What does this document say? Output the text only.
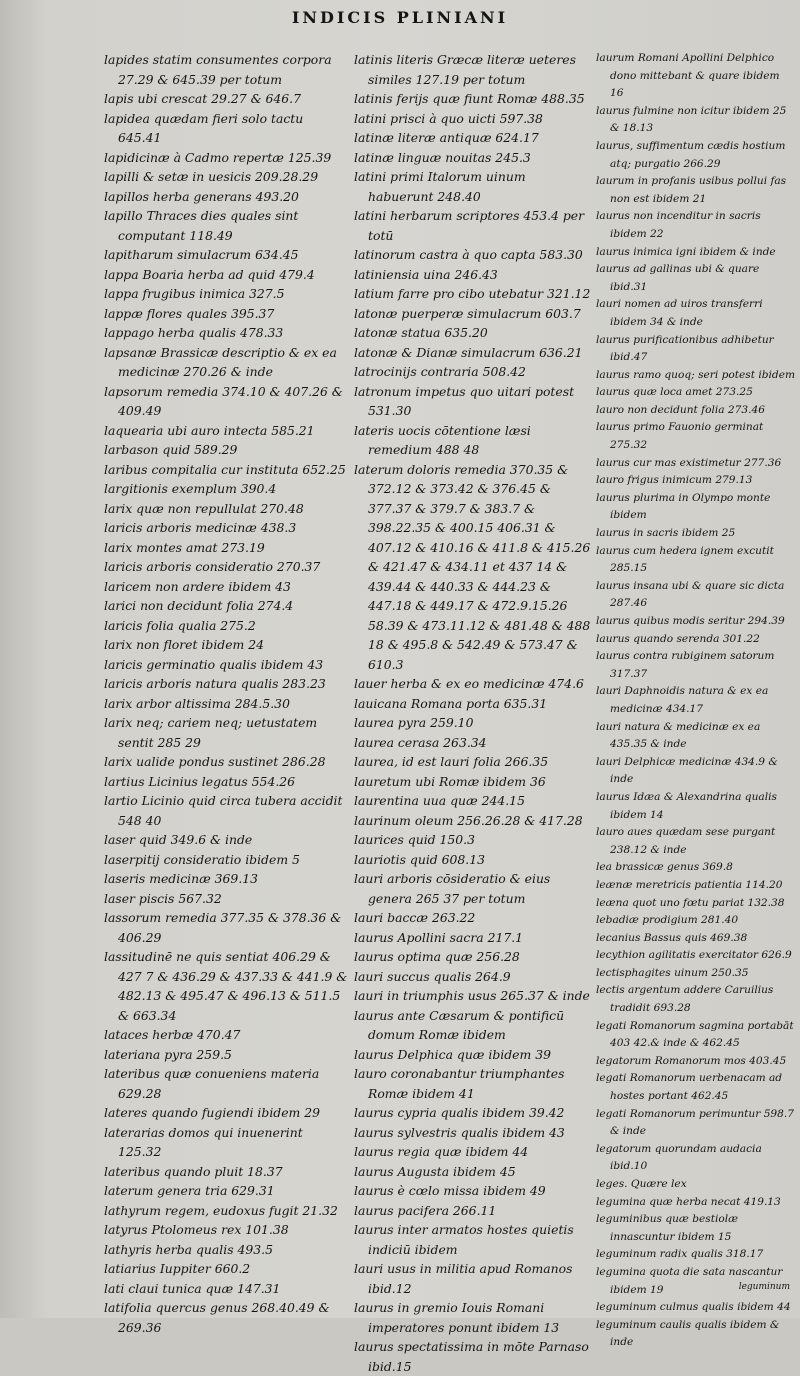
INDICIS PLINIANI

lapides statim consumentes corpora 27.29 & 645.39 per totum

lapis ubi crescat 29.27 & 646.7

lapidea quædam fieri solo tactu 645.41

lapidicinæ à Cadmo repertæ 125.39

lapilli & setæ in uesicis 209.28.29

lapillos herba generans 493.20

lapillo Thraces dies quales sint computant 118.49

lapitharum simulacrum 634.45

lappa Boaria herba ad quid 479.4

lappa frugibus inimica 327.5

lappæ flores quales 395.37

lappago herba qualis 478.33

lapsanæ Brassicæ descriptio & ex ea medicinæ 270.26 & inde

lapsorum remedia 374.10 & 407.26 & 409.49

laquearia ubi auro intecta 585.21

larbason quid 589.29

laribus compitalia cur instituta 652.25

largitionis exemplum 390.4

larix quæ non repullulat 270.48

laricis arboris medicinæ 438.3

larix montes amat 273.19

laricis arboris consideratio 270.37

laricem non ardere ibidem 43

larici non decidunt folia 274.4

laricis folia qualia 275.2

larix non floret ibidem 24

laricis germinatio qualis ibidem 43

laricis arboris natura qualis 283.23

larix arbor altissima 284.5.30

larix neq; cariem neq; uetustatem sentit 285 29

larix ualide pondus sustinet 286.28

lartius Licinius legatus 554.26

lartio Licinio quid circa tubera accidit 548 40

laser quid 349.6 & inde

laserpitij consideratio ibidem 5

laseris medicinæ 369.13

laser piscis 567.32

lassorum remedia 377.35 & 378.36 & 406.29

lassitudinē ne quis sentiat 406.29 & 427 7 & 436.29 & 437.33 & 441.9 & 482.13 & 495.47 & 496.13 & 511.5 & 663.34

lataces herbæ 470.47

lateriana pyra 259.5

lateribus quæ conueniens materia 629.28

lateres quando fugiendi ibidem 29

laterarias domos qui inuenerint 125.32

lateribus quando pluit 18.37

laterum genera tria 629.31

lathyrum regem, eudoxus fugit 21.32

latyrus Ptolomeus rex 101.38

lathyris herba qualis 493.5

latiarius Iuppiter 660.2

lati claui tunica quæ 147.31

latifolia quercus genus 268.40.49 & 269.36

latinis literis Græcæ literæ ueteres similes 127.19 per totum

latinis ferijs quæ fiunt Romæ 488.35

latini prisci à quo uicti 597.38

latinæ literæ antiquæ 624.17

latinæ linguæ nouitas 245.3

latini primi Italorum uinum habuerunt 248.40

latini herbarum scriptores 453.4 per totū

latinorum castra à quo capta 583.30

latiniensia uina 246.43

latium farre pro cibo utebatur 321.12

latonæ puerperæ simulacrum 603.7

latonæ statua 635.20

latonæ & Dianæ simulacrum 636.21

latrocinijs contraria 508.42

latronum impetus quo uitari potest 531.30

lateris uocis cōtentione læsi remedium 488 48

laterum doloris remedia 370.35 & 372.12 & 373.42 & 376.45 & 377.37 & 379.7 & 383.7 & 398.22.35 & 400.15 406.31 & 407.12 & 410.16 & 411.8 & 415.26 & 421.47 & 434.11 et 437 14 & 439.44 & 440.33 & 444.23 & 447.18 & 449.17 & 472.9.15.26 58.39 & 473.11.12 & 481.48 & 488 18 & 495.8 & 542.49 & 573.47 & 610.3

lauer herba & ex eo medicinæ 474.6

lauicana Romana porta 635.31

laurea pyra 259.10

laurea cerasa 263.34

laurea, id est lauri folia 266.35

lauretum ubi Romæ ibidem 36

laurentina uua quæ 244.15

laurinum oleum 256.26.28 & 417.28

laurices quid 150.3

lauriotis quid 608.13

lauri arboris cōsideratio & eius genera 265 37 per totum

lauri baccæ 263.22

laurus Apollini sacra 217.1

laurus optima quæ 256.28

lauri succus qualis 264.9

lauri in triumphis usus 265.37 & inde

laurus ante Cæsarum & pontificū domum Romæ ibidem

laurus Delphica quæ ibidem 39

lauro coronabantur triumphantes Romæ ibidem 41

laurus cypria qualis ibidem 39.42

laurus sylvestris qualis ibidem 43

laurus regia quæ ibidem 44

laurus Augusta ibidem 45

laurus è cœlo missa ibidem 49

laurus pacifera 266.11

laurus inter armatos hostes quietis indiciū ibidem

lauri usus in militia apud Romanos ibid.12

laurus in gremio Iouis Romani imperatores ponunt ibidem 13

laurus spectatissima in mōte Parnaso ibid.15

laurum Romani Apollini Delphico dono mittebant & quare ibidem 16

laurus fulmine non icitur ibidem 25 & 18.13

laurus, suffimentum cædis hostium atq; purgatio 266.29

laurum in profanis usibus pollui fas non est ibidem 21

laurus non incenditur in sacris ibidem 22

laurus inimica igni ibidem & inde

laurus ad gallinas ubi & quare ibid.31

lauri nomen ad uiros transferri ibidem 34 & inde

laurus purificationibus adhibetur ibid.47

laurus ramo quoq; seri potest ibidem

laurus quæ loca amet 273.25

lauro non decidunt folia 273.46

laurus primo Fauonio germinat 275.32

laurus cur mas existimetur 277.36

lauro frigus inimicum 279.13

laurus plurima in Olympo monte ibidem

laurus in sacris ibidem 25

laurus cum hedera ignem excutit 285.15

laurus insana ubi & quare sic dicta 287.46

laurus quibus modis seritur 294.39

laurus quando serenda 301.22

laurus contra rubiginem satorum 317.37

lauri Daphnoidis natura & ex ea medicinæ 434.17

lauri natura & medicinæ ex ea 435.35 & inde

lauri Delphicæ medicinæ 434.9 & inde

laurus Idæa & Alexandrina qualis ibidem 14

lauro aues quædam sese purgant 238.12 & inde

lea brassicæ genus 369.8

leænæ meretricis patientia 114.20

leæna quot uno fœtu pariat 132.38

lebadiæ prodigium 281.40

lecanius Bassus quis 469.38

lecythion agilitatis exercitator 626.9

lectisphagites uinum 250.35

lectis argentum addere Caruilius tradidit 693.28

legati Romanorum sagmina portabāt 403 42.& inde & 462.45

legatorum Romanorum mos 403.45

legati Romanorum uerbenacam ad hostes portant 462.45

legati Romanorum perimuntur 598.7 & inde

legatorum quorundam audacia ibid.10

leges. Quære lex

legumina quæ herba necat 419.13

leguminibus quæ bestiolæ innascuntur ibidem 15

leguminum radix qualis 318.17

legumina quota die sata nascantur ibidem 19

leguminum culmus qualis ibidem 44

leguminum caulis qualis ibidem & inde

leguminum
